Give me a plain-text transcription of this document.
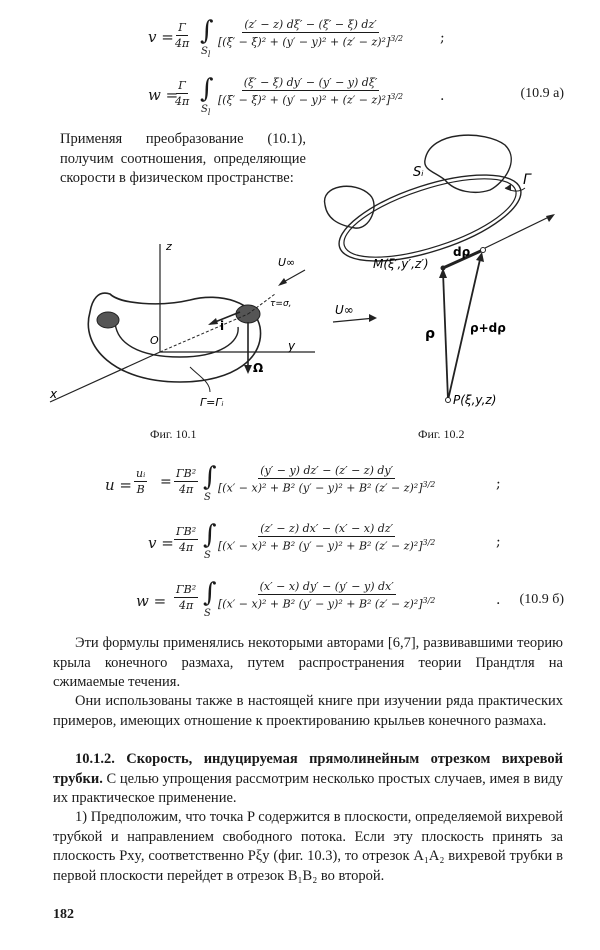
$v = \frac{\Gamma}{4\pi}$ ∫
$S_l$
$\frac{(z' - z) d\xi' - (\xi' - \xi) dz'}{[(\xi' - \xi)^2 + (y' - y)^2 + (z' - z)^2]^{3/2}}$	;
w =
$\frac{\Gamma}{4\pi}$ ∫
$S_l$
$\frac{(\xi' - \xi) dy' - (y' - y) d\xi'}{[(\xi' - \xi)^2 + (y' - y)^2 + (z' - z)^2]^{3/2}}$	.	(10.9 a)
Применяя преобразование (10.1), получим соотношения, определяющие скорости в физическом пространстве:
z
y
x
O
U∞
i
τ=σ,
Ω
Γ=Γᵢ
Фиг. 10.1
Sᵢ	Γ
M(ξ′,y′,z′)
dρ
U∞
ρ	ρ+dρ
P(ξ,y,z)
Фиг. 10.2
$u = \frac{\text{uᵢ}}{B} = \frac{\text{ΓB²}}{4\pi}$ ∫
S
$\frac{(y' - y) dz' - (z' - z) dy'}{[(x' - x)^2 + B^2 (y' - y)^2 + B^2 (z' - z)^2]^{3/2}}$	;
$v = \frac{\text{ΓB²}}{4\pi}$ ∫
S
$\frac{(z' - z) dx' - (x' - x) dz'}{[(x' - x)^2 + B^2 (y' - y)^2 + B^2 (z' - z)^2]^{3/2}}$	;
$w = \frac{\text{ΓB²}}{4\pi}$ ∫
S
$\frac{(x' - x) dy' - (y' - y) dx'}{[(x' - x)^2 + B^2 (y' - y)^2 + B^2 (z' - z)^2]^{3/2}}$	. (10.9 б)
Эти формулы применялись некоторыми авторами [6,7], развивавшими теорию крыла конечного размаха, путем распространения теории Прандтля на сжимаемые течения.
Они использованы также в настоящей книге при изучении ряда практических примеров, имеющих отношение к проектированию крыльев конечного размаха.
10.1.2. Скорость, индуцируемая прямолинейным отрезком вихревой трубки. С целью упрощения рассмотрим несколько простых случаев, имея в виду их практическое применение.
1) Предположим, что точка P содержится в плоскости, определяемой вихревой трубкой и направлением свободного потока. Если эту плоскость принять за плоскость Pxy, соответственно Pξy (фиг. 10.3), то отрезок A₁A₂ вихревой трубки в первой плоскости перейдет в отрезок B₁B₂ во второй.
182
